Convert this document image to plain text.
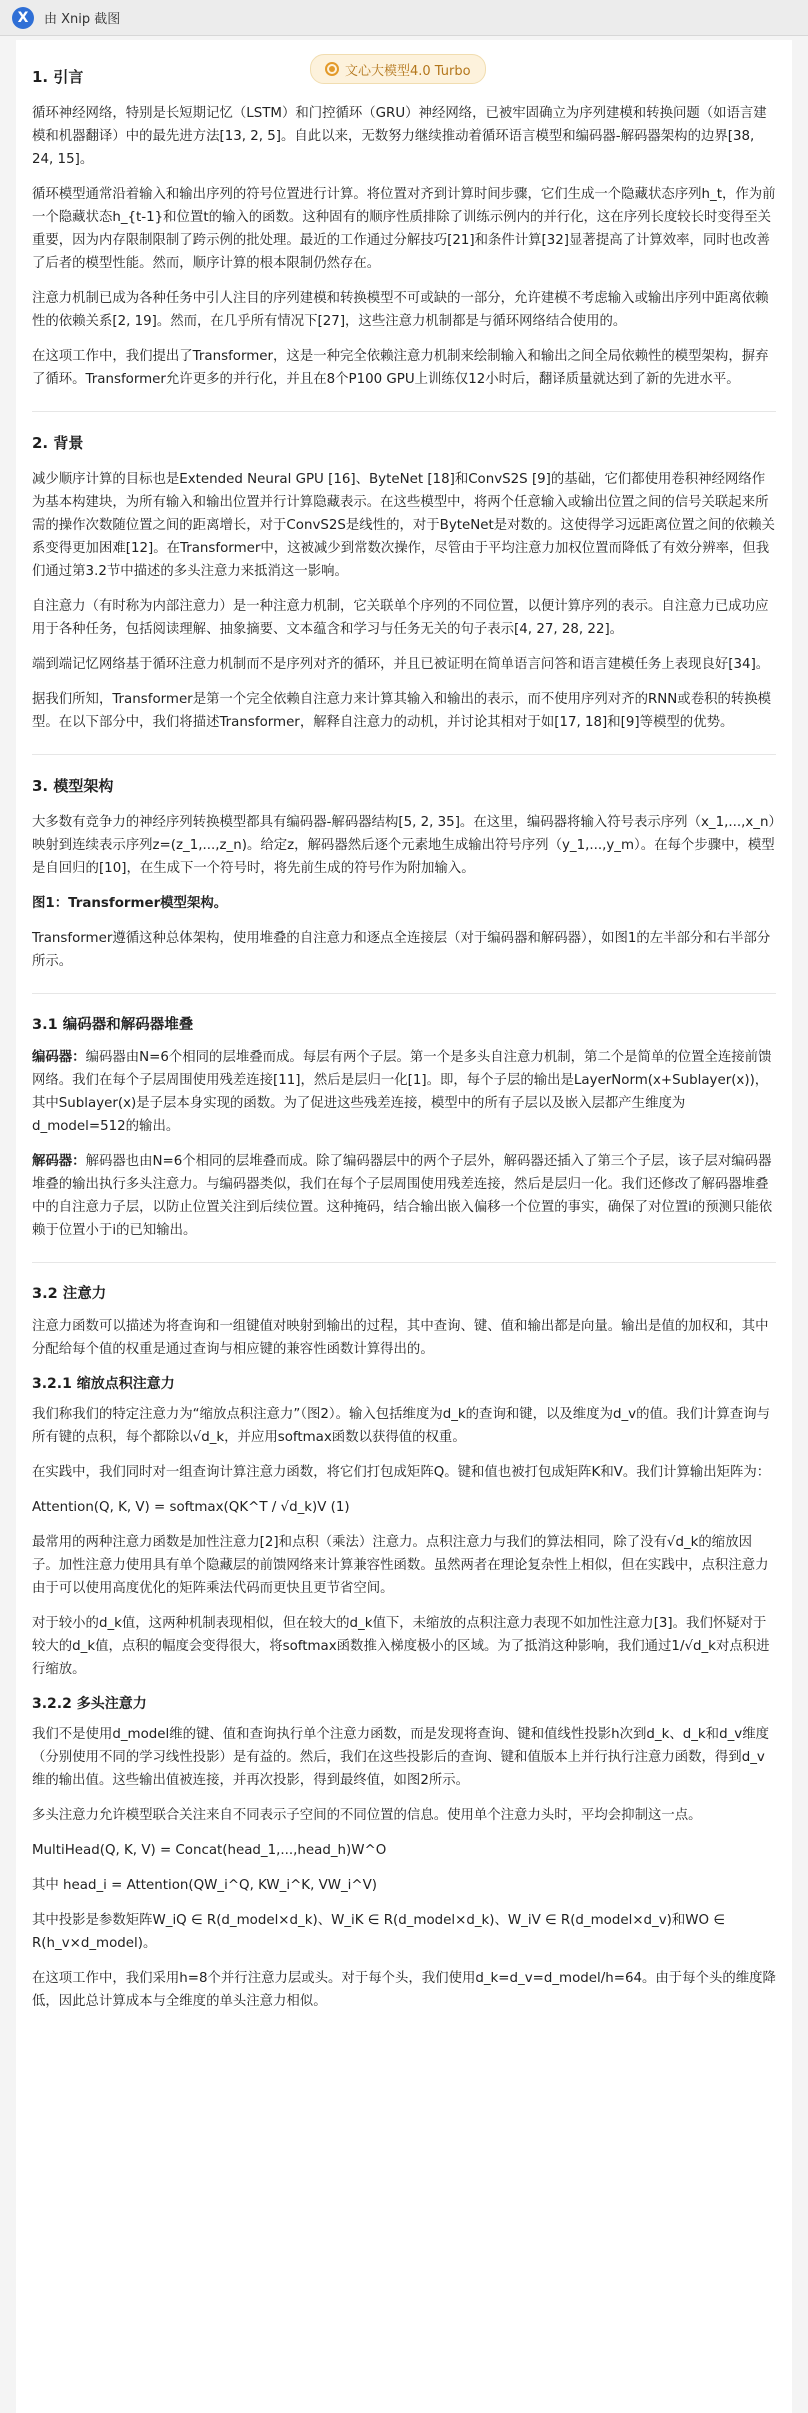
X	由 Xnip 截图
文心大模型4.0 Turbo
1. 引言

循环神经网络，特别是长短期记忆（LSTM）和门控循环（GRU）神经网络，已被牢固确立为序列建模和转换问题（如语言建模和机器翻译）中的最先进方法[13, 2, 5]。自此以来，无数努力继续推动着循环语言模型和编码器-解码器架构的边界[38, 24, 15]。

循环模型通常沿着输入和输出序列的符号位置进行计算。将位置对齐到计算时间步骤，它们生成一个隐藏状态序列h_t，作为前一个隐藏状态h_{t-1}和位置t的输入的函数。这种固有的顺序性质排除了训练示例内的并行化，这在序列长度较长时变得至关重要，因为内存限制限制了跨示例的批处理。最近的工作通过分解技巧[21]和条件计算[32]显著提高了计算效率，同时也改善了后者的模型性能。然而，顺序计算的根本限制仍然存在。

注意力机制已成为各种任务中引人注目的序列建模和转换模型不可或缺的一部分，允许建模不考虑输入或输出序列中距离依赖性的依赖关系[2, 19]。然而，在几乎所有情况下[27]，这些注意力机制都是与循环网络结合使用的。

在这项工作中，我们提出了Transformer，这是一种完全依赖注意力机制来绘制输入和输出之间全局依赖性的模型架构，摒弃了循环。Transformer允许更多的并行化，并且在8个P100 GPU上训练仅12小时后，翻译质量就达到了新的先进水平。

2. 背景

减少顺序计算的目标也是Extended Neural GPU [16]、ByteNet [18]和ConvS2S [9]的基础，它们都使用卷积神经网络作为基本构建块，为所有输入和输出位置并行计算隐藏表示。在这些模型中，将两个任意输入或输出位置之间的信号关联起来所需的操作次数随位置之间的距离增长，对于ConvS2S是线性的，对于ByteNet是对数的。这使得学习远距离位置之间的依赖关系变得更加困难[12]。在Transformer中，这被减少到常数次操作，尽管由于平均注意力加权位置而降低了有效分辨率，但我们通过第3.2节中描述的多头注意力来抵消这一影响。

自注意力（有时称为内部注意力）是一种注意力机制，它关联单个序列的不同位置，以便计算序列的表示。自注意力已成功应用于各种任务，包括阅读理解、抽象摘要、文本蕴含和学习与任务无关的句子表示[4, 27, 28, 22]。

端到端记忆网络基于循环注意力机制而不是序列对齐的循环，并且已被证明在简单语言问答和语言建模任务上表现良好[34]。

据我们所知，Transformer是第一个完全依赖自注意力来计算其输入和输出的表示，而不使用序列对齐的RNN或卷积的转换模型。在以下部分中，我们将描述Transformer，解释自注意力的动机，并讨论其相对于如[17, 18]和[9]等模型的优势。

3. 模型架构

大多数有竞争力的神经序列转换模型都具有编码器-解码器结构[5, 2, 35]。在这里，编码器将输入符号表示序列（x_1,...,x_n）映射到连续表示序列z=(z_1,...,z_n)。给定z，解码器然后逐个元素地生成输出符号序列（y_1,...,y_m）。在每个步骤中，模型是自回归的[10]，在生成下一个符号时，将先前生成的符号作为附加输入。

图1：Transformer模型架构。

Transformer遵循这种总体架构，使用堆叠的自注意力和逐点全连接层（对于编码器和解码器），如图1的左半部分和右半部分所示。

3.1 编码器和解码器堆叠

编码器：编码器由N=6个相同的层堆叠而成。每层有两个子层。第一个是多头自注意力机制，第二个是简单的位置全连接前馈网络。我们在每个子层周围使用残差连接[11]，然后是层归一化[1]。即，每个子层的输出是LayerNorm(x+Sublayer(x))，其中Sublayer(x)是子层本身实现的函数。为了促进这些残差连接，模型中的所有子层以及嵌入层都产生维度为d_model=512的输出。

解码器：解码器也由N=6个相同的层堆叠而成。除了编码器层中的两个子层外，解码器还插入了第三个子层，该子层对编码器堆叠的输出执行多头注意力。与编码器类似，我们在每个子层周围使用残差连接，然后是层归一化。我们还修改了解码器堆叠中的自注意力子层，以防止位置关注到后续位置。这种掩码，结合输出嵌入偏移一个位置的事实，确保了对位置i的预测只能依赖于位置小于i的已知输出。

3.2 注意力

注意力函数可以描述为将查询和一组键值对映射到输出的过程，其中查询、键、值和输出都是向量。输出是值的加权和，其中分配给每个值的权重是通过查询与相应键的兼容性函数计算得出的。

3.2.1 缩放点积注意力

我们称我们的特定注意力为“缩放点积注意力”（图2）。输入包括维度为d_k的查询和键，以及维度为d_v的值。我们计算查询与所有键的点积，每个都除以√d_k，并应用softmax函数以获得值的权重。

在实践中，我们同时对一组查询计算注意力函数，将它们打包成矩阵Q。键和值也被打包成矩阵K和V。我们计算输出矩阵为：

Attention(Q, K, V) = softmax(QK^T / √d_k)V (1)

最常用的两种注意力函数是加性注意力[2]和点积（乘法）注意力。点积注意力与我们的算法相同，除了没有√d_k的缩放因子。加性注意力使用具有单个隐藏层的前馈网络来计算兼容性函数。虽然两者在理论复杂性上相似，但在实践中，点积注意力由于可以使用高度优化的矩阵乘法代码而更快且更节省空间。

对于较小的d_k值，这两种机制表现相似，但在较大的d_k值下，未缩放的点积注意力表现不如加性注意力[3]。我们怀疑对于较大的d_k值，点积的幅度会变得很大，将softmax函数推入梯度极小的区域。为了抵消这种影响，我们通过1/√d_k对点积进行缩放。

3.2.2 多头注意力

我们不是使用d_model维的键、值和查询执行单个注意力函数，而是发现将查询、键和值线性投影h次到d_k、d_k和d_v维度（分别使用不同的学习线性投影）是有益的。然后，我们在这些投影后的查询、键和值版本上并行执行注意力函数，得到d_v维的输出值。这些输出值被连接，并再次投影，得到最终值，如图2所示。

多头注意力允许模型联合关注来自不同表示子空间的不同位置的信息。使用单个注意力头时，平均会抑制这一点。

MultiHead(Q, K, V) = Concat(head_1,...,head_h)W^O

其中 head_i = Attention(QW_i^Q, KW_i^K, VW_i^V)

其中投影是参数矩阵W_iQ ∈ R(d_model×d_k)、W_iK ∈ R(d_model×d_k)、W_iV ∈ R(d_model×d_v)和WO ∈ R(h_v×d_model)。

在这项工作中，我们采用h=8个并行注意力层或头。对于每个头，我们使用d_k=d_v=d_model/h=64。由于每个头的维度降低，因此总计算成本与全维度的单头注意力相似。
